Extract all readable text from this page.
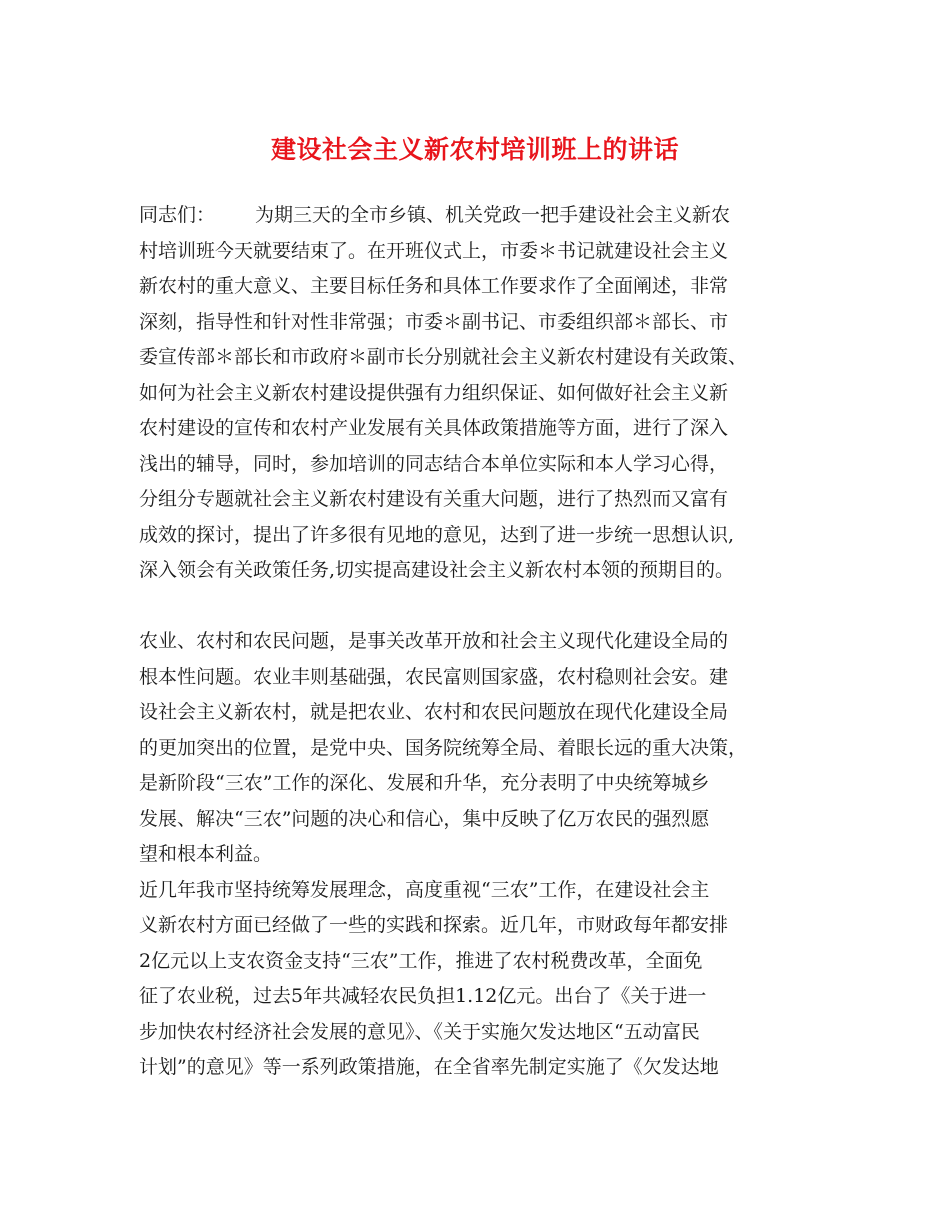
建设社会主义新农村培训班上的讲话
同志们： 为期三天的全市乡镇、机关党政一把手建设社会主义新农
村培训班今天就要结束了。在开班仪式上，市委＊书记就建设社会主义
新农村的重大意义、主要目标任务和具体工作要求作了全面阐述，非常
深刻，指导性和针对性非常强；市委＊副书记、市委组织部＊部长、市
委宣传部＊部长和市政府＊副市长分别就社会主义新农村建设有关政策、
如何为社会主义新农村建设提供强有力组织保证、如何做好社会主义新
农村建设的宣传和农村产业发展有关具体政策措施等方面，进行了深入
浅出的辅导，同时，参加培训的同志结合本单位实际和本人学习心得，
分组分专题就社会主义新农村建设有关重大问题，进行了热烈而又富有
成效的探讨，提出了许多很有见地的意见，达到了进一步统一思想认识,
深入领会有关政策任务,切实提高建设社会主义新农村本领的预期目的。
农业、农村和农民问题，是事关改革开放和社会主义现代化建设全局的
根本性问题。农业丰则基础强，农民富则国家盛，农村稳则社会安。建
设社会主义新农村，就是把农业、农村和农民问题放在现代化建设全局
的更加突出的位置，是党中央、国务院统筹全局、着眼长远的重大决策，
是新阶段“三农”工作的深化、发展和升华，充分表明了中央统筹城乡
发展、解决“三农”问题的决心和信心，集中反映了亿万农民的强烈愿
望和根本利益。
近几年我市坚持统筹发展理念，高度重视“三农”工作，在建设社会主
义新农村方面已经做了一些的实践和探索。近几年，市财政每年都安排
2亿元以上支农资金支持“三农”工作，推进了农村税费改革，全面免
征了农业税，过去5年共减轻农民负担1.12亿元。出台了《关于进一
步加快农村经济社会发展的意见》、《关于实施欠发达地区“五动富民
计划”的意见》等一系列政策措施，在全省率先制定实施了《欠发达地
